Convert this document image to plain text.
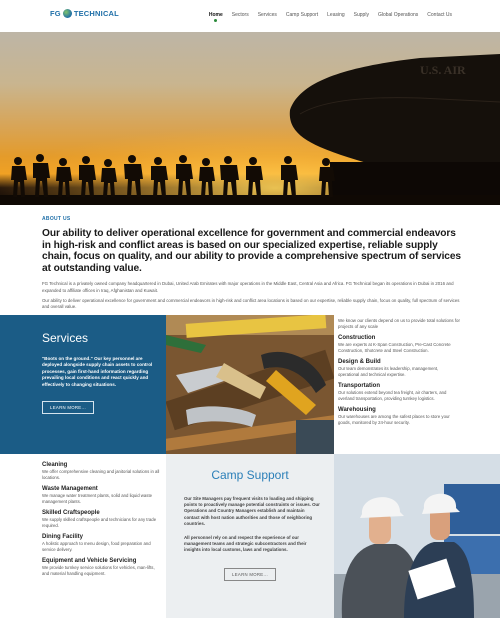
FG TECHNICAL	Home Sectors Services Camp Support Leasing Supply Global Operations Contact Us
U.S. AIR
ABOUT US
Our ability to deliver operational excellence for government and commercial endeavors in high-risk and conflict areas is based on our specialized expertise, reliable supply chain, focus on quality, and our ability to provide a comprehensive spectrum of services at outstanding value.

FG Technical is a privately owned company headquartered in Dubai, United Arab Emirates with major operations in the Middle East, Central Asia and Africa. FG Technical began its operations in Dubai in 2016 and expanded to affiliate offices in Iraq, Afghanistan and Kuwait.

Our ability to deliver operational excellence for government and commercial endeavors in high-risk and conflict area locations is based on our expertise, reliable supply chain, focus on quality, full spectrum of services and overall value.

Services
"Boots on the ground." Our key personnel are deployed alongside supply chain assets to control processes, gain first-hand information regarding prevailing local conditions and react quickly and effectively to changing situations.
LEARN MORE...
We know our clients depend on us to provide total solutions for projects of any scale
Construction
We are experts at K-Span Construction, Pre-Cast Concrete Construction, Shotcrete and Steel Construction.
Design & Build
Our team demonstrates its leadership, management, operational and technical expertise.
Transportation
Our solutions extend beyond tea freight, air charters, and overland transportation, providing turnkey logistics.
Warehousing
Our warehouses are among the safest places to store your goods, monitored by 24-hour security.
Cleaning
We offer comprehensive cleaning and janitorial solutions in all locations.
Waste Management
We manage water treatment plants, solid and liquid waste management plants.
Skilled Craftspeople
We supply skilled craftspeople and technicians for any trade required.
Dining Facility
A holistic approach to menu design, food preparation and service delivery.
Equipment and Vehicle Servicing
We provide turnkey service solutions for vehicles, man-lifts, and material handling equipment.
Camp Support

Our Site Managers pay frequent visits to loading and shipping points to proactively manage potential constraints or issues. Our Operations and Country Managers establish and maintain contact with host nation authorities and those of neighboring countries.

All personnel rely on and respect the experience of our management teams and strategic subcontractors and their insights into local customs, laws and regulations.

LEARN MORE...
